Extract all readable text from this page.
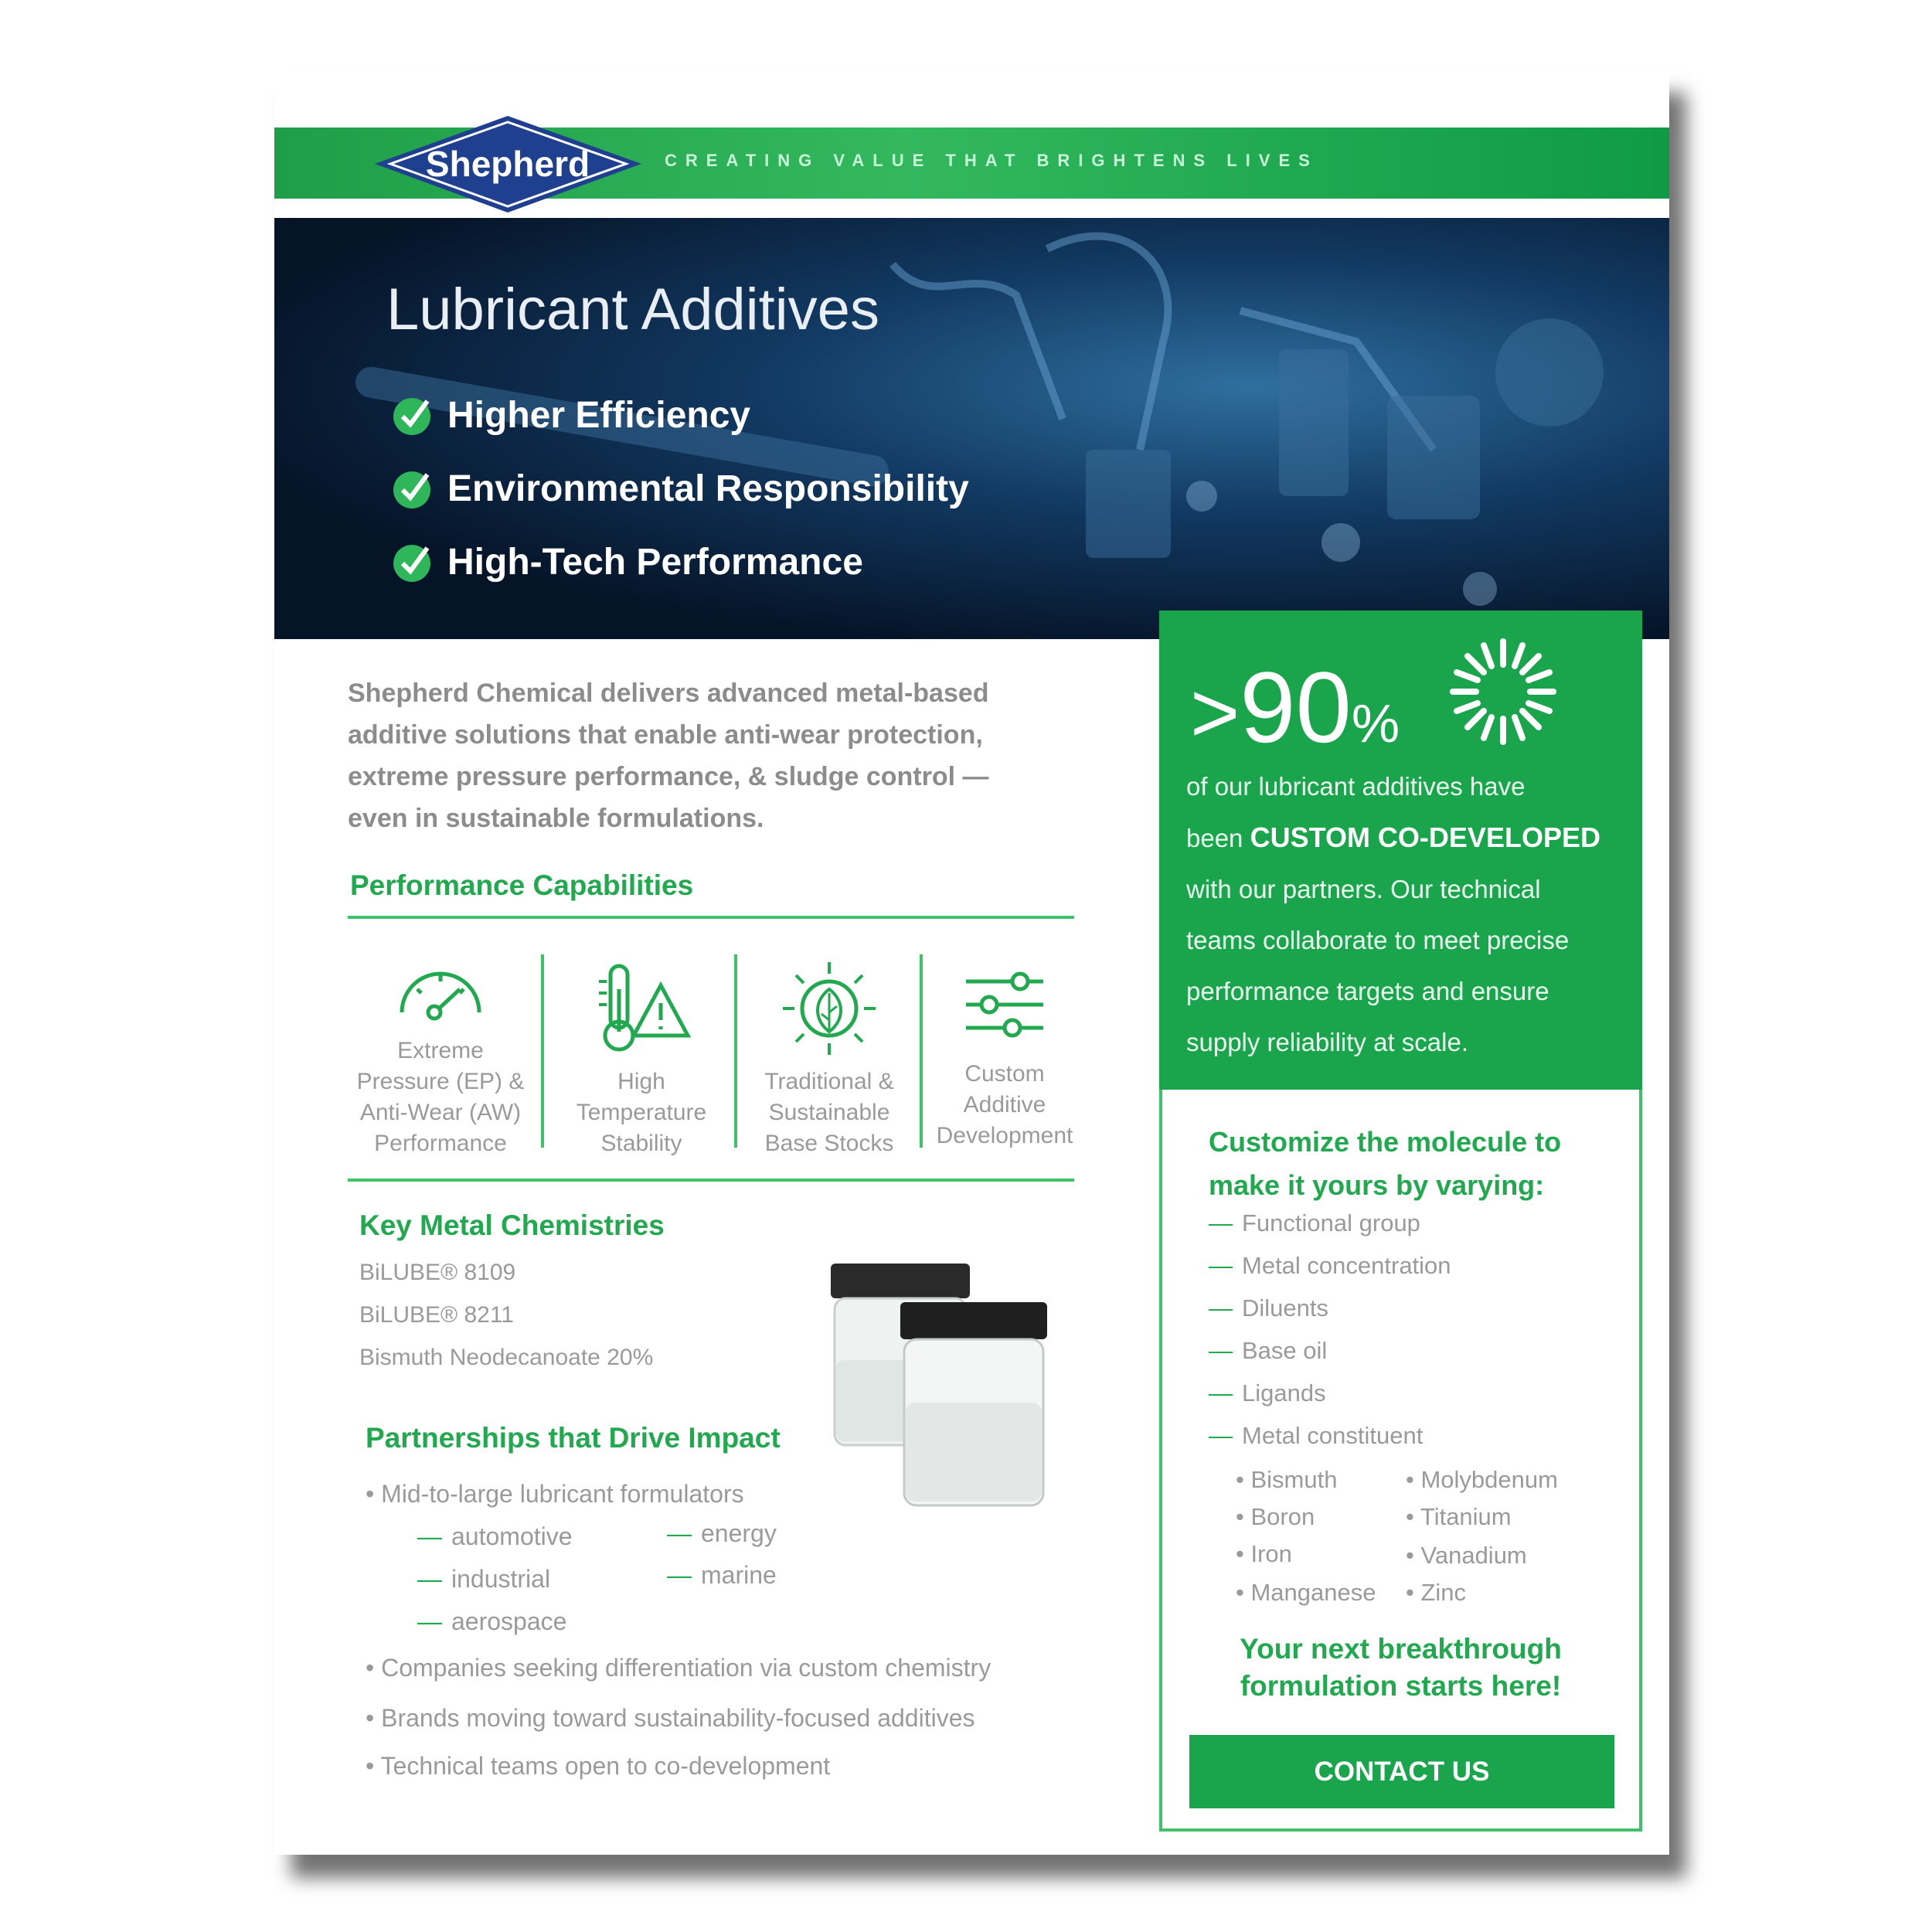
Shepherd	CREATING VALUE THAT BRIGHTENS LIVES
Lubricant Additives
Higher Efficiency
Environmental Responsibility
High-Tech Performance
Shepherd Chemical delivers advanced metal-based additive solutions that enable anti-wear protection, extreme pressure performance, & sludge control — even in sustainable formulations.
Performance Capabilities
Extreme Pressure (EP) & Anti-Wear (AW) Performance
High Temperature Stability
Traditional & Sustainable Base Stocks
Custom Additive Development
Key Metal Chemistries
BiLUBE® 8109
BiLUBE® 8211
Bismuth Neodecanoate 20%
Partnerships that Drive Impact
• Mid-to-large lubricant formulators
— automotive
— industrial
— aerospace
— energy
— marine
• Companies seeking differentiation via custom chemistry
• Brands moving toward sustainability-focused additives
• Technical teams open to co-development
>90%
of our lubricant additives have
been CUSTOM CO-DEVELOPED
with our partners. Our technical
teams collaborate to meet precise
performance targets and ensure
supply reliability at scale.
Customize the molecule to make it yours by varying:
— Functional group
— Metal concentration
— Diluents
— Base oil
— Ligands
— Metal constituent
• Bismuth
• Boron
• Iron
• Manganese
• Molybdenum
• Titanium
• Vanadium
• Zinc
Your next breakthrough formulation starts here!
CONTACT US
